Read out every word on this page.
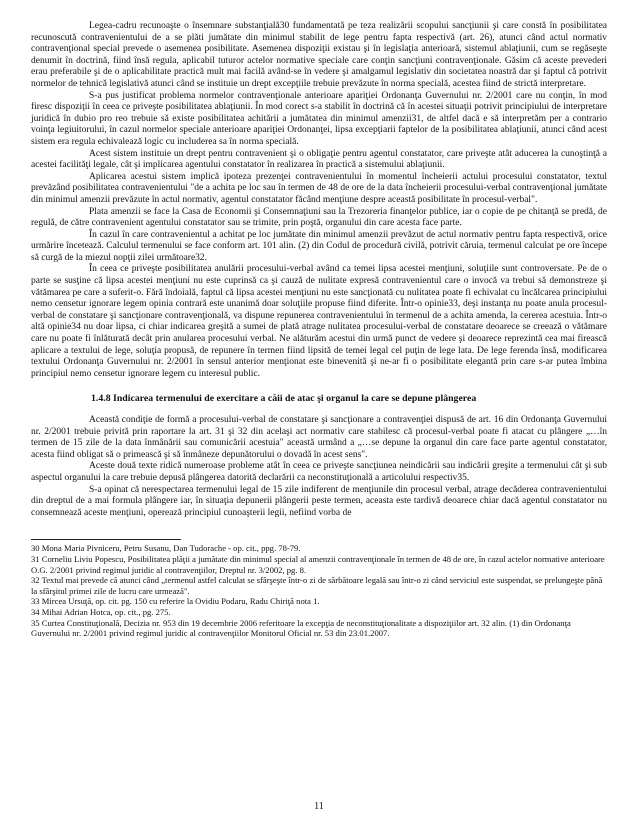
Legea-cadru recunoaşte o însemnare substanţială30 fundamentată pe teza realizării scopului sancţiunii şi care constă în posibilitatea recunoscută contravenientului de a se plăti jumătate din minimul stabilit de lege pentru fapta respectivă (art. 26), atunci când actul normativ contravenţional special prevede o asemenea posibilitate. Asemenea dispoziţii existau şi în legislaţia anterioară, sistemul ablaţiunii, cum se regăseşte denumit în doctrină, fiind însă regula, aplicabil tuturor actelor normative speciale care conţin sancţiuni contravenţionale. Găsim că aceste prevederi erau preferabile şi de o aplicabilitate practică mult mai facilă având-se în vedere şi amalgamul legislativ din societatea noastră dar şi faptul că potrivit normelor de tehnică legislativă atunci când se instituie un drept excepţiile trebuie prevăzute în norma specială, acestea fiind de strictă interpretare.

S-a pus justificat problema normelor contravenţionale anterioare apariţiei Ordonanţa Guvernului nr. 2/2001 care nu conţin, în mod firesc dispoziţii în ceea ce priveşte posibilitatea ablaţiunii. În mod corect s-a stabilit în doctrină că în acestei situaţii potrivit principiului de interpretare juridică în dubio pro reo trebuie să existe posibilitatea achitării a jumătatea din minimul amenzii31, de altfel dacă e să interpretăm per a contrario voinţa legiuitorului, în cazul normelor speciale anterioare apariţiei Ordonanţei, lipsa excepţiarii faptelor de la posibilitatea ablaţiunii, atunci când acest sistem era regula echivalează logic cu includerea sa în norma specială.

Acest sistem instituie un drept pentru contravenient şi o obligaţie pentru agentul constatator, care priveşte atât aducerea la cunoştinţă a acestei facilităţi legale, cât şi implicarea agentului constatator în realizarea în practică a sistemului ablaţiunii.

Aplicarea acestui sistem implică ipoteza prezenţei contravenientului în momentul încheierii actului procesului constatator, textul prevăzând posibilitatea contravenientului "de a achita pe loc sau în termen de 48 de ore de la data încheierii procesului-verbal contravenţional jumătate din minimul amenzii prevăzute în actul normativ, agentul constatator făcând menţiune despre această posibilitate în procesul-verbal".

Plata amenzii se face la Casa de Economii şi Consemnaţiuni sau la Trezoreria finanţelor publice, iar o copie de pe chitanţă se predă, de regulă, de către contravenient agentului constatator sau se trimite, prin poştă, organului din care acesta face parte.

În cazul în care contravenientul a achitat pe loc jumătate din minimul amenzii prevăzut de actul normativ pentru fapta respectivă, orice urmărire încetează. Calculul termenului se face conform art. 101 alin. (2) din Codul de procedură civilă, potrivit căruia, termenul calculat pe ore începe să curgă de la miezul nopţii zilei următoare32.

În ceea ce priveşte posibilitatea anulării procesului-verbal având ca temei lipsa acestei menţiuni, soluţiile sunt controversate. Pe de o parte se susţine că lipsa acestei menţiuni nu este cuprinsă ca şi cauză de nulitate expresă contravenientul care o invocă va trebui să demonstreze şi vătămarea pe care a suferit-o. Fără îndoială, faptul că lipsa acestei menţiuni nu este sancţionată cu nulitatea poate fi echivalat cu încălcarea principiului nemo censetur ignorare legem opinia contrară este unanimă doar soluţiile propuse fiind diferite. Într-o opinie33, deşi instanţa nu poate anula procesul-verbal de constatare şi sancţionare contravenţională, va dispune repunerea contravenientului în termenul de a achita amenda, la cererea acestuia. Într-o altă opinie34 nu doar lipsa, ci chiar indicarea greşită a sumei de plată atrage nulitatea procesului-verbal de constatare deoarece se creează o vătămare care nu poate fi înlăturată decât prin anularea procesului verbal. Ne alăturăm acestui din urmă punct de vedere şi deoarece reprezintă cea mai firească aplicare a textului de lege, soluţia propusă, de repunere în termen fiind lipsită de temei legal cel puţin de lege lata. De lege ferenda însă, modificarea textului Ordonanţa Guvernului nr. 2/2001 în sensul anterior menţionat este binevenită şi ne-ar fi o posibilitate elegantă prin care s-ar putea îmbina principiul nemo censetur ignorare legem cu interesul public.

1.4.8 Indicarea termenului de exercitare a căii de atac şi organul la care se depune plângerea

Această condiţie de formă a procesului-verbal de constatare şi sancţionare a contravenţiei dispusă de art. 16 din Ordonanţa Guvernului nr. 2/2001 trebuie privită prin raportare la art. 31 şi 32 din acelaşi act normativ care stabilesc că procesul-verbal poate fi atacat cu plângere „…în termen de 15 zile de la data înmânării sau comunicării acestuia" această urmând a „…se depune la organul din care face parte agentul constatator, acesta fiind obligat să o primească şi să înmâneze depunătorului o dovadă în acest sens".

Aceste două texte ridică numeroase probleme atât în ceea ce priveşte sancţiunea neindicării sau indicării greşite a termenului cât şi sub aspectul organului la care trebuie depusă plângerea datorită declarării ca neconstituţională a articolului respectiv35.

S-a opinat că nerespectarea termenului legal de 15 zile indiferent de menţiunile din procesul verbal, atrage decăderea contravenientului din dreptul de a mai formula plângere iar, în situaţia depunerii plângerii peste termen, aceasta este tardivă deoarece chiar dacă agentul constatator nu consemnează aceste menţiuni, operează principiul cunoaşterii legii, nefiind vorba de

30 Mona Maria Pivniceru, Petru Susanu, Dan Tudorache - op. cit., ppg. 78-79.

31 Corneliu Liviu Popescu, Posibilitatea plăţii a jumătate din minimul special al amenzii contravenţionale în termen de 48 de ore, în cazul actelor normative anterioare O.G. 2/2001 privind regimul juridic al contravenţiilor, Dreptul nr. 3/2002, pg. 8.

32 Textul mai prevede că atunci când „termenul astfel calculat se sfârşeşte într-o zi de sărbătoare legală sau într-o zi când serviciul este suspendat, se prelungeşte până la sfârşitul primei zile de lucru care urmează".

33 Mircea Ursuţă, op. cit. pg. 150 cu referire la Ovidiu Podaru, Radu Chiriţă nota 1.

34 Mihai Adrian Hotca, op. cit., pg. 275.

35 Curtea Constituţională, Decizia nr. 953 din 19 decembrie 2006 referitoare la excepţia de neconstituţionalitate a dispoziţiilor art. 32 alin. (1) din Ordonanţa Guvernului nr. 2/2001 privind regimul juridic al contravenţiilor Monitorul Oficial nr. 53 din 23.01.2007.

11
